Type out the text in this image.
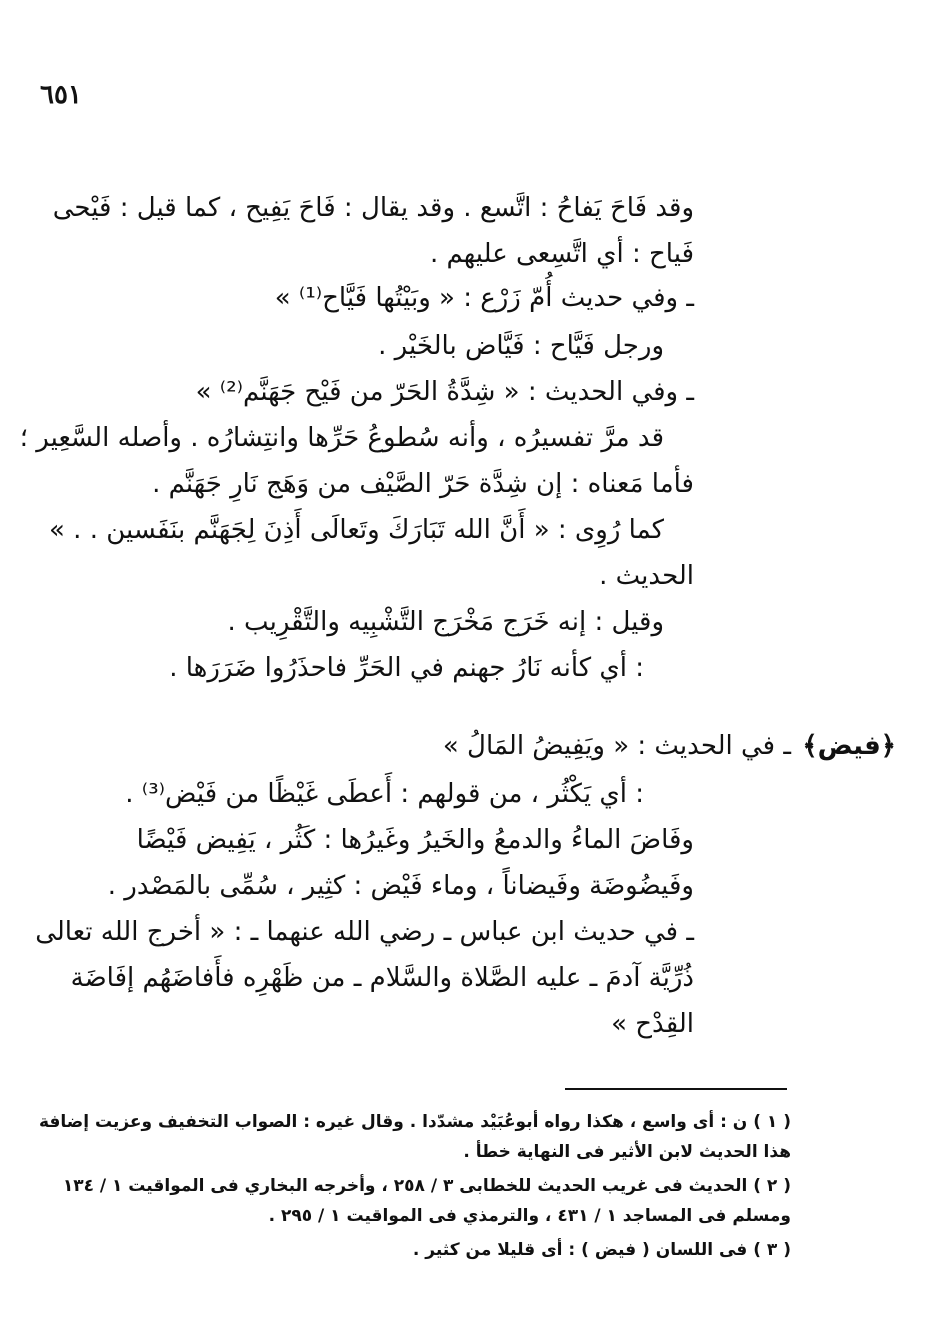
٦٥١
وقد فَاحَ يَفاحُ : اتَّسع . وقد يقال : فَاحَ يَفِيح ، كما قيل : فَيْحى
فَياح : أي اتَّسِعى عليهم .
ـ وفي حديث أُمّ زَرْع : « وبَيْتُها فَيَّاح⁽¹⁾ »
ورجل فَيَّاح : فَيَّاض بالخَيْر .
ـ وفي الحديث : « شِدَّةُ الحَرّ من فَيْح جَهَنَّم⁽²⁾ »
قد مرَّ تفسيرُه ، وأنه سُطوعُ حَرِّها وانتِشارُه . وأصله السَّعِير ؛
فأما مَعناه : إن شِدَّة حَرّ الصَّيْف من وَهَج نَارِ جَهَنَّم .
كما رُوِى : « أَنَّ الله تَبَارَكَ وتَعالَى أَذِنَ لِجَهَنَّم بنَفَسين . . »
الحديث .
وقيل : إنه خَرَج مَخْرَج التَّشْبِيه والتَّقْرِيب .
: أي كأنه نَارُ جهنم في الحَرِّ فاحذَرُوا ضَرَرَها .
﴿فيض﴾
ـ في الحديث : « ويَفِيضُ المَالُ »
: أي يَكْثُر ، من قولهم : أَعطَى غَيْظًا من فَيْض⁽³⁾ .
وفَاضَ الماءُ والدمعُ والخَيرُ وغَيرُها : كَثُر ، يَفِيض فَيْضًا
وفَيضُوضَة وفَيضاناً ، وماء فَيْض : كثِير ، سُمِّى بالمَصْدر .
ـ في حديث ابن عباس ـ رضي الله عنهما ـ : « أخرج الله تعالى
ذُرِّيَّة آدمَ ـ عليه الصَّلاة والسَّلام ـ من ظَهْرِه فأَفاضَهُم إفَاضَة
القِدْح »
( ١ ) ن : أى واسع ، هكذا رواه أبوعُبَيْد مشدّدا . وقال غيره : الصواب التخفيف وعزيت إضافة
هذا الحديث لابن الأثير فى النهاية خطأ .
( ٢ ) الحديث فى غريب الحديث للخطابى ٣ / ٢٥٨ ، وأخرجه البخاري فى المواقيت ١ / ١٣٤
ومسلم فى المساجد ١ / ٤٣١ ، والترمذي فى المواقيت ١ / ٢٩٥ .
( ٣ ) فى اللسان ( فيض ) : أى قليلا من كثير .
